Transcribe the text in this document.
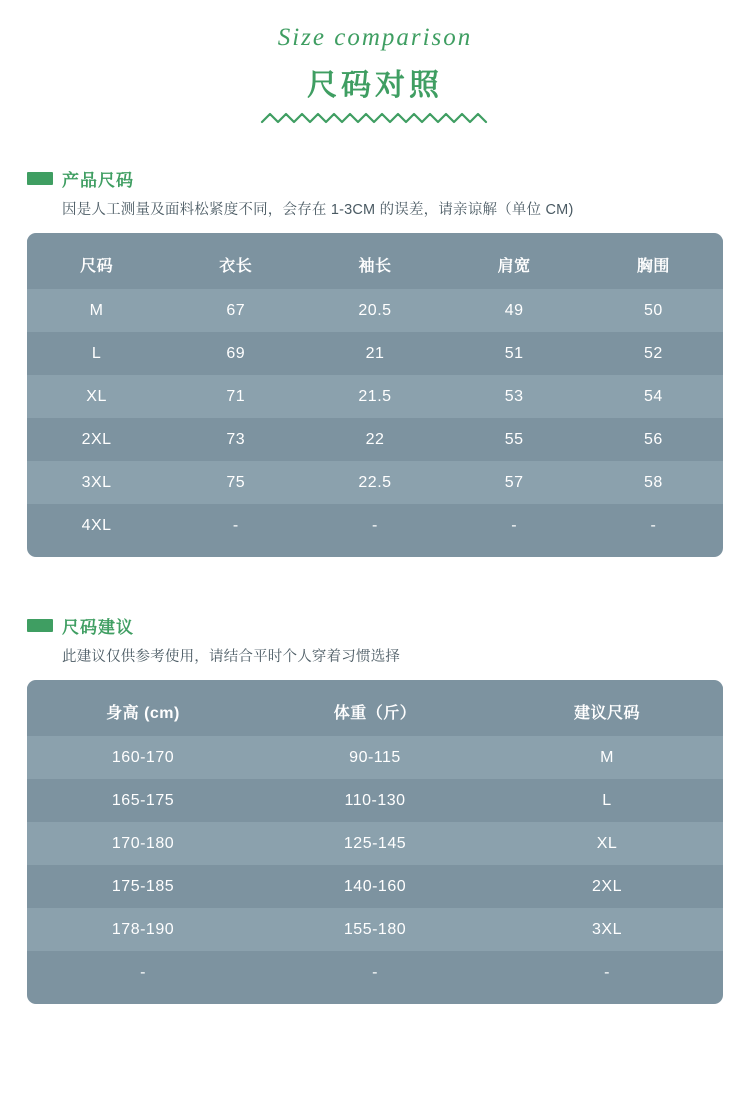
Size comparison
尺码对照
产品尺码
因是人工测量及面料松紧度不同，会存在 1-3CM 的误差，请亲谅解（单位 CM)
尺码	衣长	袖长	肩宽	胸围
M	67	20.5	49	50
L	69	21	51	52
XL	71	21.5	53	54
2XL	73	22	55	56
3XL	75	22.5	57	58
4XL	-	-	-	-
尺码建议
此建议仅供参考使用，请结合平时个人穿着习惯选择
身高 (cm)	体重（斤）	建议尺码
160-170	90-115	M
165-175	110-130	L
170-180	125-145	XL
175-185	140-160	2XL
178-190	155-180	3XL
-	-	-
